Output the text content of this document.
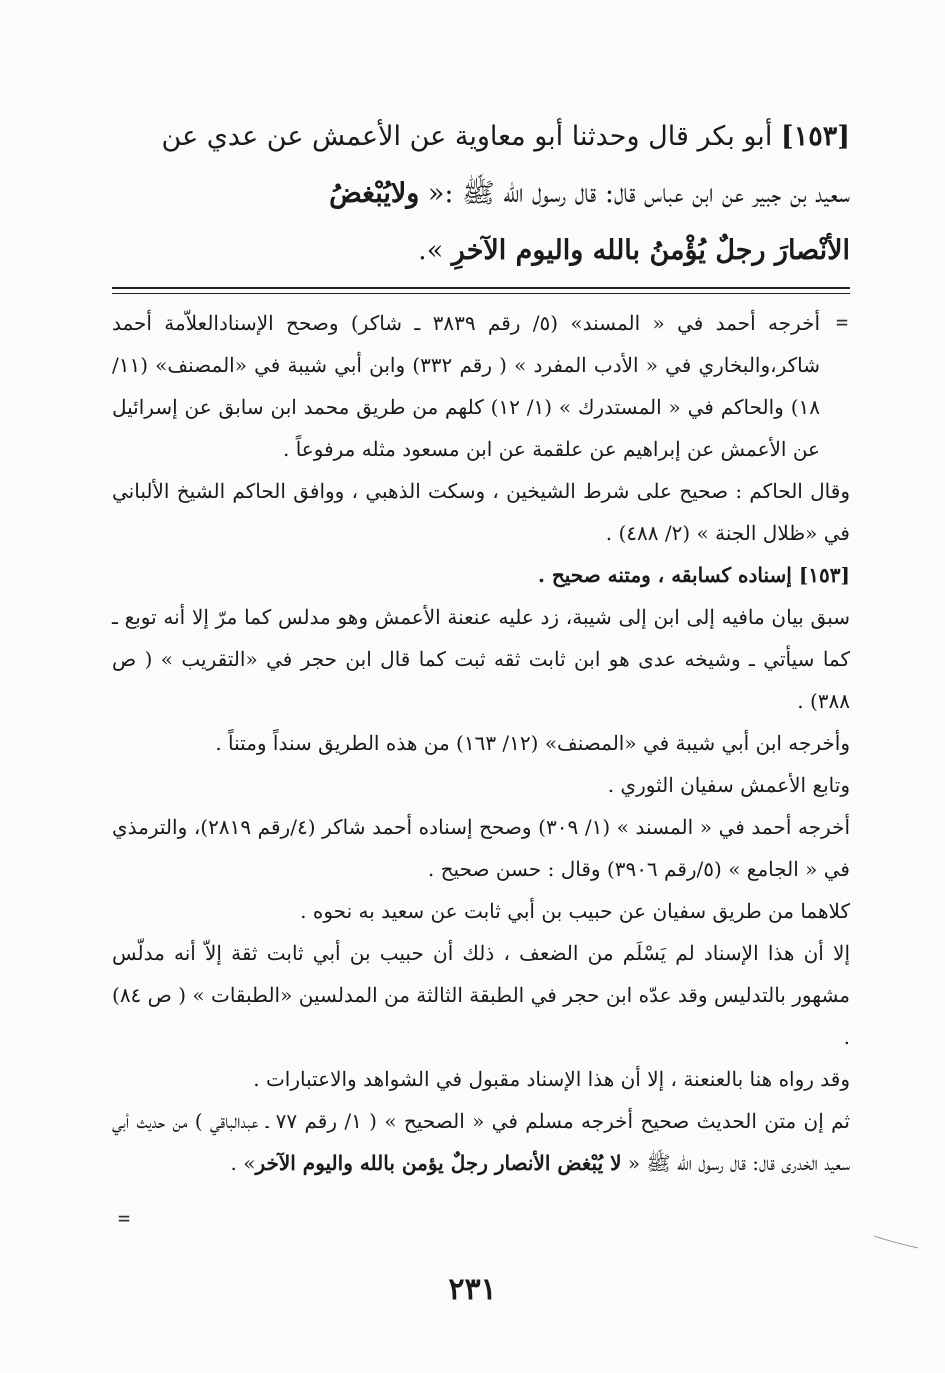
[١٥٣] أبو بكر قال وحدثنا أبو معاوية عن الأعمش عن عدي عن

سعيد بن جبير عن ابن عباس قال: قال رسول الله ﷺ :« ولايُبْغضُ

الأنْصارَ رجلٌ يُؤْمنُ بالله واليوم الآخرِ ».

=

أخرجه أحمد في « المسند» (٥/ رقم ٣٨٣٩ ـ شاكر) وصحح الإسنادالعلاّمة أحمد شاكر،والبخاري في « الأدب المفرد » ( رقم ٣٣٢) وابن أبي شيبة في «المصنف» (١١/ ١٨) والحاكم في « المستدرك » (١/ ١٢) كلهم من طريق محمد ابن سابق عن إسرائيل عن الأعمش عن إبراهيم عن علقمة عن ابن مسعود مثله مرفوعاً .

وقال الحاكم : صحيح على شرط الشيخين ، وسكت الذهبي ، ووافق الحاكم الشيخ الألباني في «ظلال الجنة » (٢/ ٤٨٨) .

[١٥٣] إسناده كسابقه ، ومتنه صحيح .

سبق بيان مافيه إلى ابن إلى شيبة، زد عليه عنعنة الأعمش وهو مدلس كما مرّ إلا أنه توبع ـ كما سيأتي ـ وشيخه عدى هو ابن ثابت ثقه ثبت كما قال ابن حجر في «التقريب » ( ص ٣٨٨) .

وأخرجه ابن أبي شيبة في «المصنف» (١٢/ ١٦٣) من هذه الطريق سنداً ومتناً .

وتابع الأعمش سفيان الثوري .

أخرجه أحمد في « المسند » (١/ ٣٠٩) وصحح إسناده أحمد شاكر (٤/رقم ٢٨١٩)، والترمذي في « الجامع » (٥/رقم ٣٩٠٦) وقال : حسن صحيح .

كلاهما من طريق سفيان عن حبيب بن أبي ثابت عن سعيد به نحوه .

إلا أن هذا الإسناد لم يَسْلَم من الضعف ، ذلك أن حبيب بن أبي ثابت ثقة إلاّ أنه مدلّس مشهور بالتدليس وقد عدّه ابن حجر في الطبقة الثالثة من المدلسين «الطبقات » ( ص ٨٤) .

وقد رواه هنا بالعنعنة ، إلا أن هذا الإسناد مقبول في الشواهد والاعتبارات .

ثم إن متن الحديث صحيح أخرجه مسلم في « الصحيح » ( ١/ رقم ٧٧ ـ عبدالباقي ) من حديث أبي سعيد الخدرى قال: قال رسول الله ﷺ « لا يُبْغض الأنصار رجلٌ يؤمن بالله واليوم الآخر» .

=
٢٣١
